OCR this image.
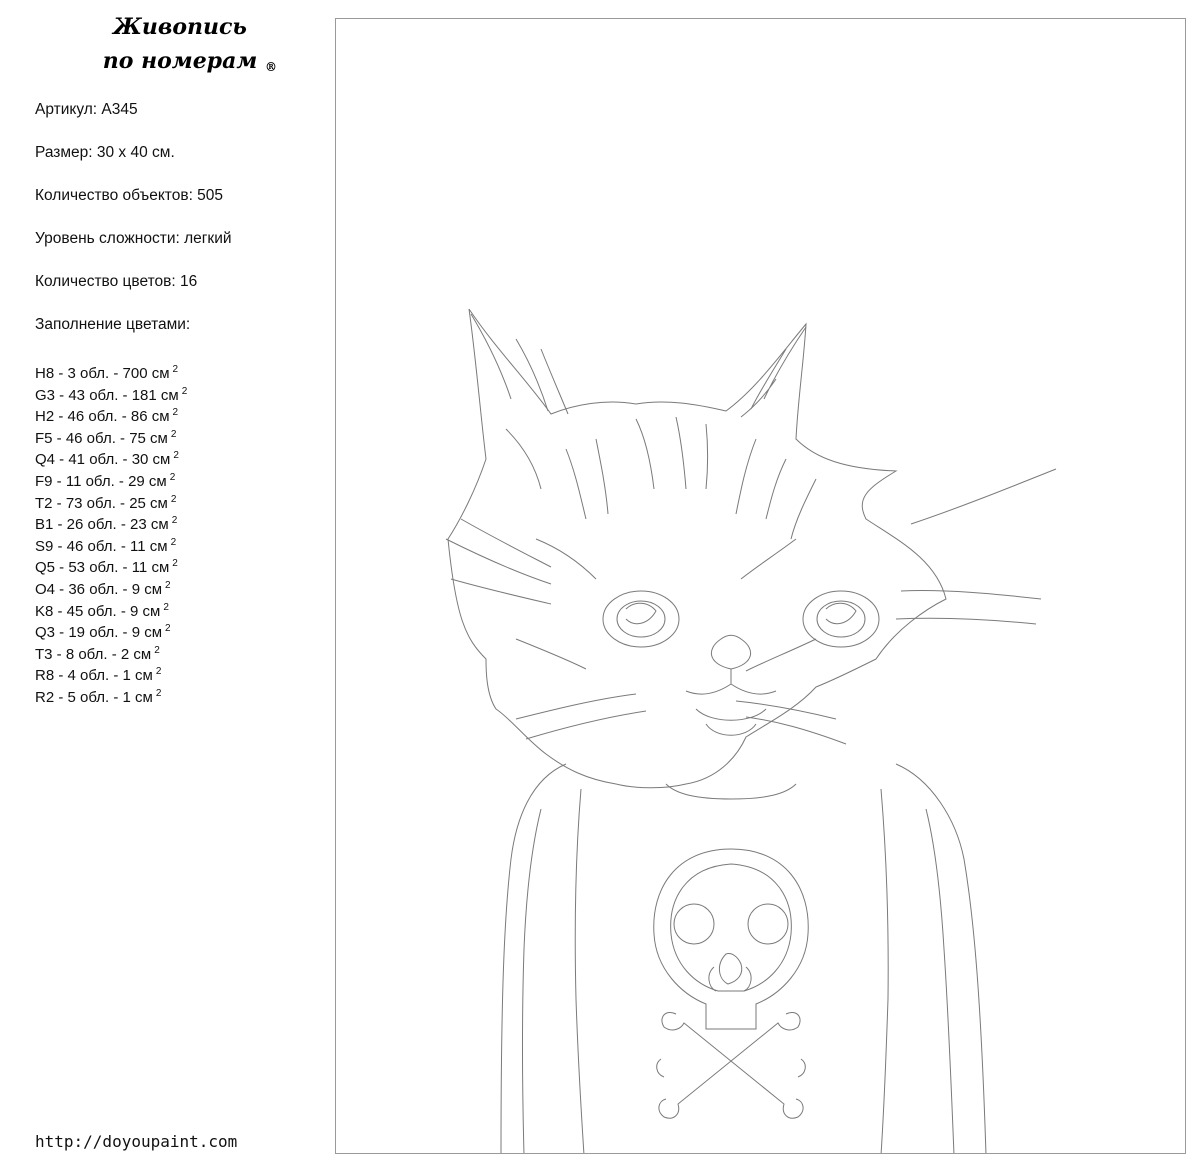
Живопись
по номерам ®
Артикул: A345
Размер: 30 х 40 см.
Количество объектов: 505
Уровень сложности: легкий
Количество цветов: 16
Заполнение цветами:
H8 - 3 обл. - 700 см $^2$
G3 - 43 обл. - 181 см $^2$
H2 - 46 обл. - 86 см $^2$
F5 - 46 обл. - 75 см $^2$
Q4 - 41 обл. - 30 см $^2$
F9 - 11 обл. - 29 см $^2$
T2 - 73 обл. - 25 см $^2$
B1 - 26 обл. - 23 см $^2$
S9 - 46 обл. - 11 см $^2$
Q5 - 53 обл. - 11 см $^2$
O4 - 36 обл. - 9 см $^2$
K8 - 45 обл. - 9 см $^2$
Q3 - 19 обл. - 9 см $^2$
T3 - 8 обл. - 2 см $^2$
R8 - 4 обл. - 1 см $^2$
R2 - 5 обл. - 1 см $^2$
http://doyoupaint.com
